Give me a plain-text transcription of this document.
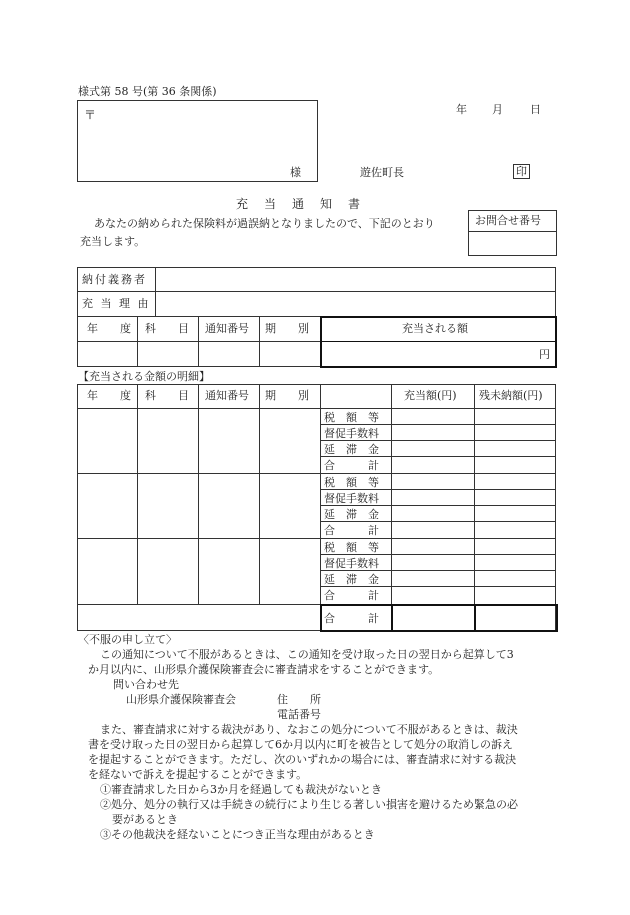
様式第 58 号(第 36 条関係)
〒
様
年 月 日
遊佐町長	印
充　当　通　知　書
あなたの納められた保険料が過誤納となりましたので、下記のとおり
充当します。
お問合せ番号
納付義務者
充 当 理 由
年　　度 科　　目 通知番号 期　　別	充当される額
円
【充当される金額の明細】
年　　度 科　　目 通知番号 期　　別	充当額(円) 残未納額(円)
税　額　等
督促手数料
延　滞　金
合　　　計
税　額　等
督促手数料
延　滞　金
合　　　計
税　額　等
督促手数料
延　滞　金
合　　　計
合　　　計
〈不服の申し立て〉
この通知について不服があるときは、この通知を受け取った日の翌日から起算して3
か月以内に、山形県介護保険審査会に審査請求をすることができます。
問い合わせ先
山形県介護保険審査会	住　　所
電話番号
また、審査請求に対する裁決があり、なおこの処分について不服があるときは、裁決
書を受け取った日の翌日から起算して6か月以内に町を被告として処分の取消しの訴え
を提起することができます。ただし、次のいずれかの場合には、審査請求に対する裁決
を経ないで訴えを提起することができます。
①審査請求した日から3か月を経過しても裁決がないとき
②処分、処分の執行又は手続きの続行により生じる著しい損害を避けるため緊急の必
要があるとき
③その他裁決を経ないことにつき正当な理由があるとき
